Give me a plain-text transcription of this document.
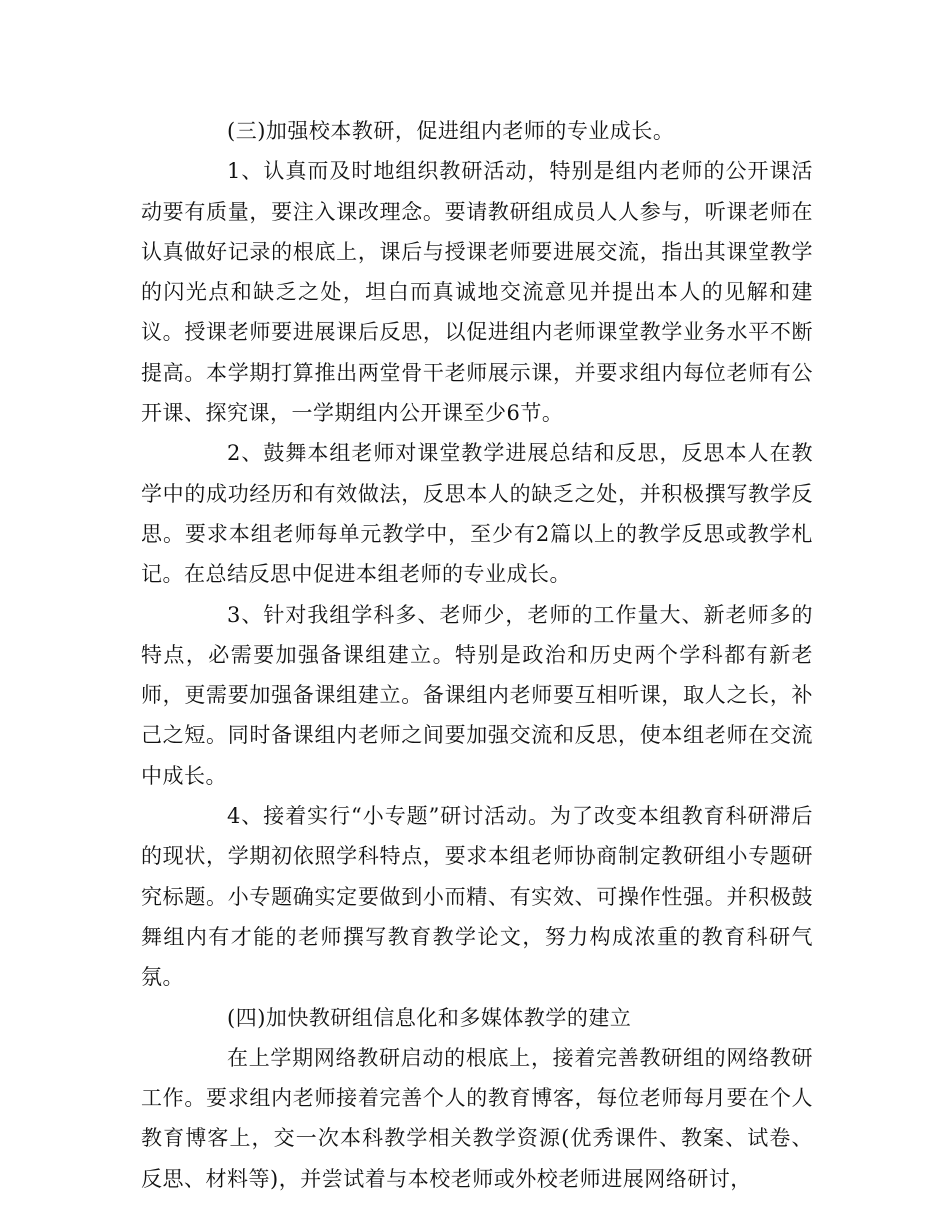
(三)加强校本教研，促进组内老师的专业成长。

1、认真而及时地组织教研活动，特别是组内老师的公开课活动要有质量，要注入课改理念。要请教研组成员人人参与，听课老师在认真做好记录的根底上，课后与授课老师要进展交流，指出其课堂教学的闪光点和缺乏之处，坦白而真诚地交流意见并提出本人的见解和建议。授课老师要进展课后反思，以促进组内老师课堂教学业务水平不断提高。本学期打算推出两堂骨干老师展示课，并要求组内每位老师有公开课、探究课，一学期组内公开课至少6节。

2、鼓舞本组老师对课堂教学进展总结和反思，反思本人在教学中的成功经历和有效做法，反思本人的缺乏之处，并积极撰写教学反思。要求本组老师每单元教学中，至少有2篇以上的教学反思或教学札记。在总结反思中促进本组老师的专业成长。

3、针对我组学科多、老师少，老师的工作量大、新老师多的特点，必需要加强备课组建立。特别是政治和历史两个学科都有新老师，更需要加强备课组建立。备课组内老师要互相听课，取人之长，补己之短。同时备课组内老师之间要加强交流和反思，使本组老师在交流中成长。

4、接着实行“小专题”研讨活动。为了改变本组教育科研滞后的现状，学期初依照学科特点，要求本组老师协商制定教研组小专题研究标题。小专题确实定要做到小而精、有实效、可操作性强。并积极鼓舞组内有才能的老师撰写教育教学论文，努力构成浓重的教育科研气氛。

(四)加快教研组信息化和多媒体教学的建立

在上学期网络教研启动的根底上，接着完善教研组的网络教研工作。要求组内老师接着完善个人的教育博客，每位老师每月要在个人教育博客上，交一次本科教学相关教学资源(优秀课件、教案、试卷、反思、材料等)，并尝试着与本校老师或外校老师进展网络研讨，
